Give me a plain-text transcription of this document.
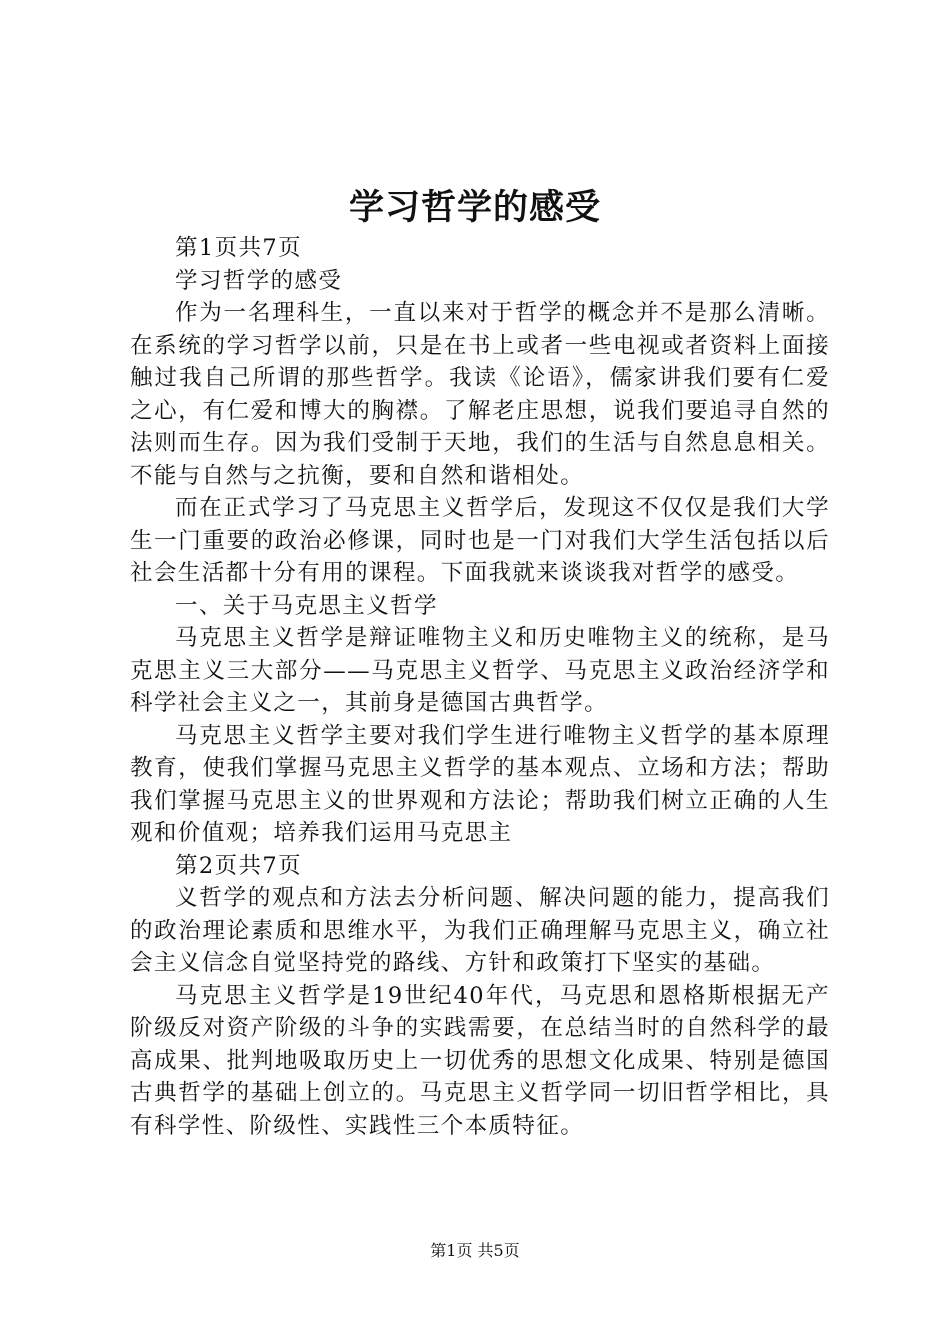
学习哲学的感受

第1页共7页

学习哲学的感受

作为一名理科生，一直以来对于哲学的概念并不是那么清晰。在系统的学习哲学以前，只是在书上或者一些电视或者资料上面接触过我自己所谓的那些哲学。我读《论语》，儒家讲我们要有仁爱之心，有仁爱和博大的胸襟。了解老庄思想，说我们要追寻自然的法则而生存。因为我们受制于天地，我们的生活与自然息息相关。不能与自然与之抗衡，要和自然和谐相处。

而在正式学习了马克思主义哲学后，发现这不仅仅是我们大学生一门重要的政治必修课，同时也是一门对我们大学生活包括以后社会生活都十分有用的课程。下面我就来谈谈我对哲学的感受。

一、关于马克思主义哲学

马克思主义哲学是辩证唯物主义和历史唯物主义的统称，是马克思主义三大部分——马克思主义哲学、马克思主义政治经济学和科学社会主义之一，其前身是德国古典哲学。

马克思主义哲学主要对我们学生进行唯物主义哲学的基本原理教育，使我们掌握马克思主义哲学的基本观点、立场和方法；帮助我们掌握马克思主义的世界观和方法论；帮助我们树立正确的人生观和价值观；培养我们运用马克思主

第2页共7页

义哲学的观点和方法去分析问题、解决问题的能力，提高我们的政治理论素质和思维水平，为我们正确理解马克思主义，确立社会主义信念自觉坚持党的路线、方针和政策打下坚实的基础。

马克思主义哲学是19世纪40年代，马克思和恩格斯根据无产阶级反对资产阶级的斗争的实践需要，在总结当时的自然科学的最高成果、批判地吸取历史上一切优秀的思想文化成果、特别是德国古典哲学的基础上创立的。马克思主义哲学同一切旧哲学相比，具有科学性、阶级性、实践性三个本质特征。

第1页 共5页
